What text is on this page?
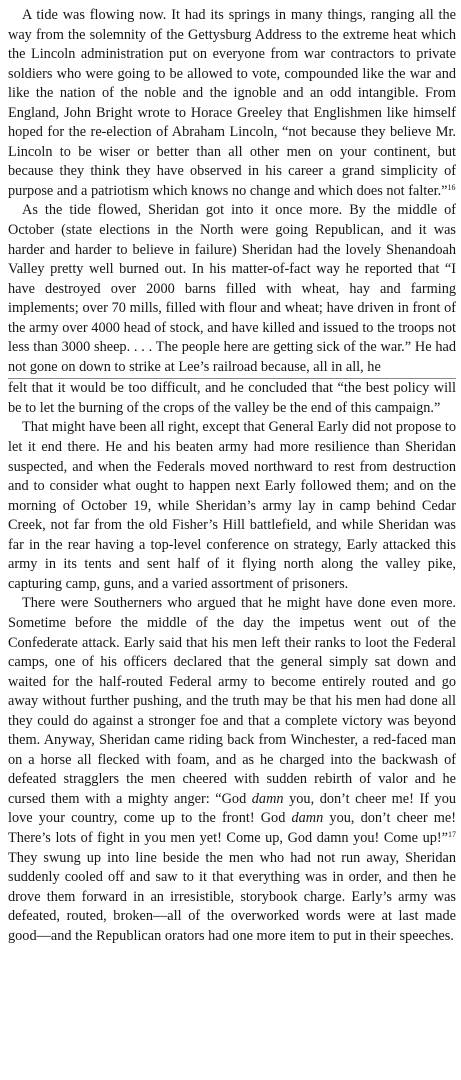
A tide was flowing now. It had its springs in many things, ranging all the way from the solemnity of the Gettysburg Address to the extreme heat which the Lincoln administration put on everyone from war contractors to private soldiers who were going to be allowed to vote, compounded like the war and like the nation of the noble and the ignoble and an odd intangible. From England, John Bright wrote to Horace Greeley that Englishmen like himself hoped for the re-election of Abraham Lincoln, “not because they believe Mr. Lincoln to be wiser or better than all other men on your continent, but because they think they have observed in his career a grand simplicity of purpose and a patriotism which knows no change and which does not falter.”$^{16}$

As the tide flowed, Sheridan got into it once more. By the middle of October (state elections in the North were going Republican, and it was harder and harder to believe in failure) Sheridan had the lovely Shenandoah Valley pretty well burned out. In his matter-of-fact way he reported that “I have destroyed over 2000 barns filled with wheat, hay and farming implements; over 70 mills, filled with flour and wheat; have driven in front of the army over 4000 head of stock, and have killed and issued to the troops not less than 3000 sheep. . . . The people here are getting sick of the war.” He had not gone on down to strike at Lee’s railroad because, all in all, he

felt that it would be too difficult, and he concluded that “the best policy will be to let the burning of the crops of the valley be the end of this campaign.”

That might have been all right, except that General Early did not propose to let it end there. He and his beaten army had more resilience than Sheridan suspected, and when the Federals moved northward to rest from destruction and to consider what ought to happen next Early followed them; and on the morning of October 19, while Sheridan’s army lay in camp behind Cedar Creek, not far from the old Fisher’s Hill battlefield, and while Sheridan was far in the rear having a top-level conference on strategy, Early attacked this army in its tents and sent half of it flying north along the valley pike, capturing camp, guns, and a varied assortment of prisoners.

There were Southerners who argued that he might have done even more. Sometime before the middle of the day the impetus went out of the Confederate attack. Early said that his men left their ranks to loot the Federal camps, one of his officers declared that the general simply sat down and waited for the half-routed Federal army to become entirely routed and go away without further pushing, and the truth may be that his men had done all they could do against a stronger foe and that a complete victory was beyond them. Anyway, Sheridan came riding back from Winchester, a red-faced man on a horse all flecked with foam, and as he charged into the backwash of defeated stragglers the men cheered with sudden rebirth of valor and he cursed them with a mighty anger: “God damn you, don’t cheer me! If you love your country, come up to the front! God damn you, don’t cheer me! There’s lots of fight in you men yet! Come up, God damn you! Come up!”$^{17}$ They swung up into line beside the men who had not run away, Sheridan suddenly cooled off and saw to it that everything was in order, and then he drove them forward in an irresistible, storybook charge. Early’s army was defeated, routed, broken—all of the overworked words were at last made good—and the Republican orators had one more item to put in their speeches.
